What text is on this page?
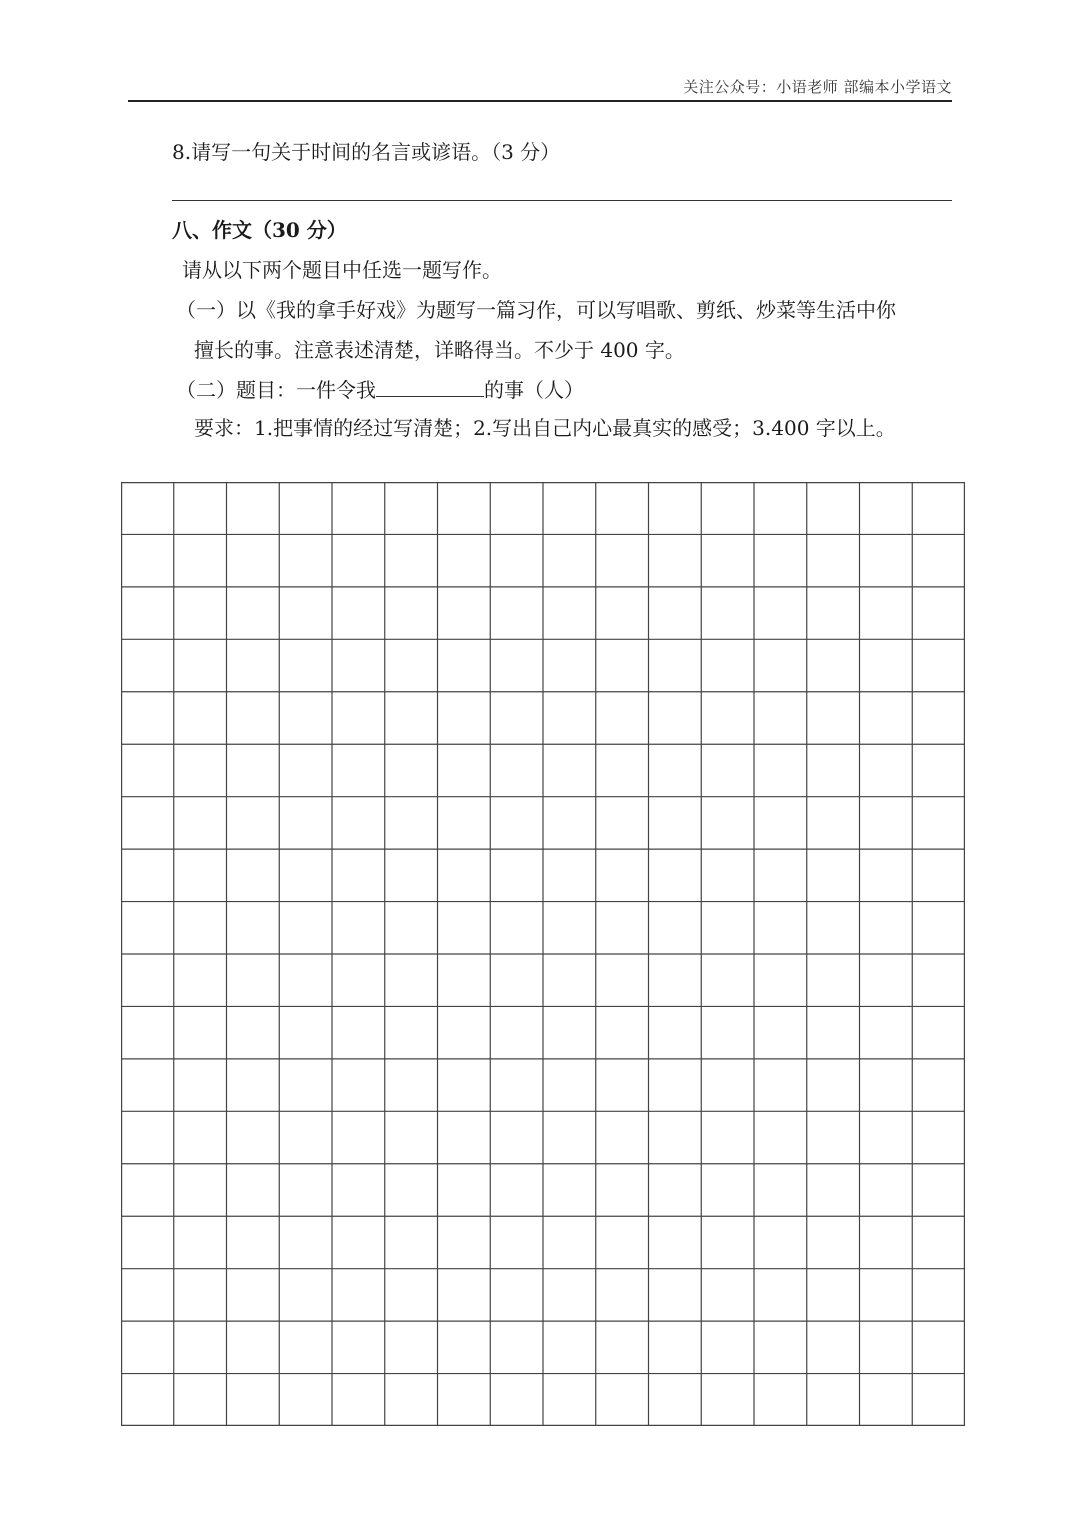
关注公众号：小语老师 部编本小学语文
8.请写一句关于时间的名言或谚语。（3 分）
八、作文（30 分）
请从以下两个题目中任选一题写作。
（一）以《我的拿手好戏》为题写一篇习作，可以写唱歌、剪纸、炒菜等生活中你
擅长的事。注意表述清楚，详略得当。不少于 400 字。
（二）题目：一件令我	的事（人）
要求：1.把事情的经过写清楚；2.写出自己内心最真实的感受；3.400 字以上。
